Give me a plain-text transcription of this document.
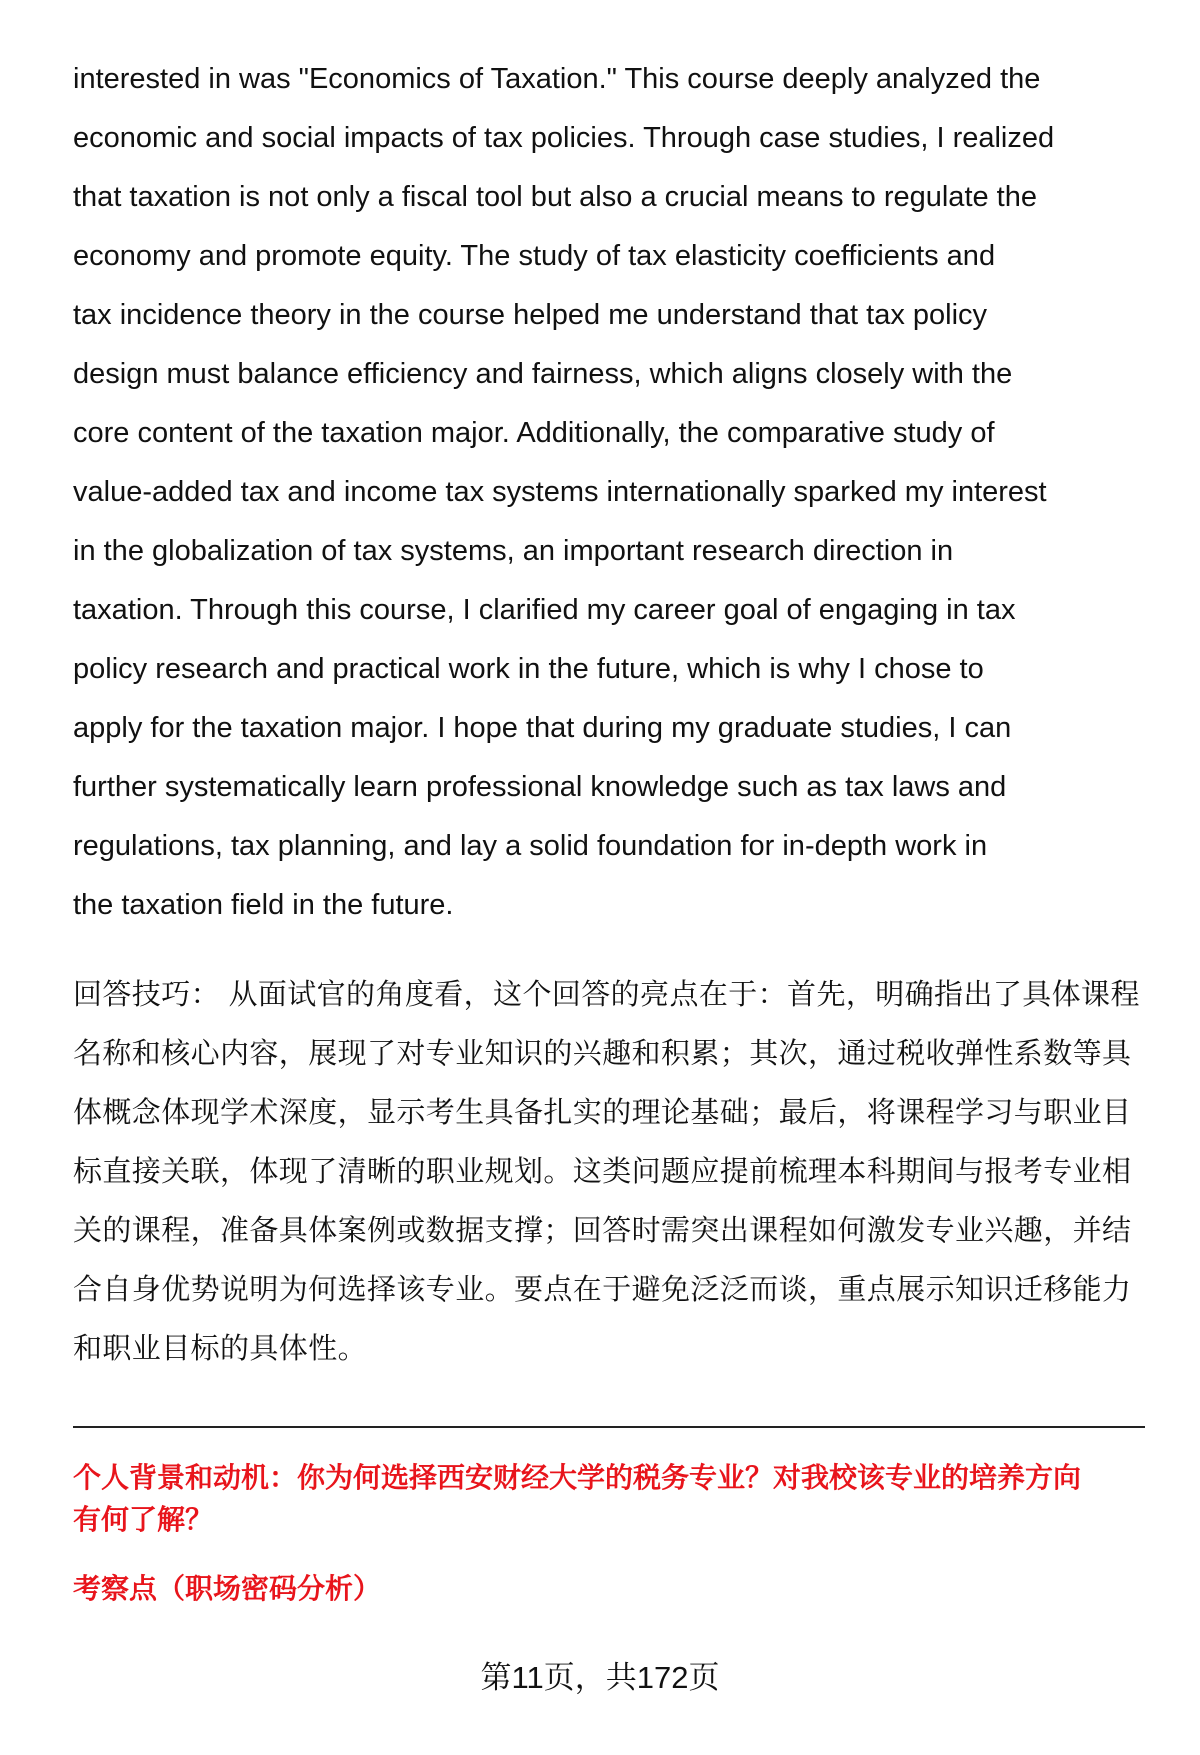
interested in was "Economics of Taxation." This course deeply analyzed the
economic and social impacts of tax policies. Through case studies, I realized
that taxation is not only a fiscal tool but also a crucial means to regulate the
economy and promote equity. The study of tax elasticity coefficients and
tax incidence theory in the course helped me understand that tax policy
design must balance efficiency and fairness, which aligns closely with the
core content of the taxation major. Additionally, the comparative study of
value-added tax and income tax systems internationally sparked my interest
in the globalization of tax systems, an important research direction in
taxation. Through this course, I clarified my career goal of engaging in tax
policy research and practical work in the future, which is why I chose to
apply for the taxation major. I hope that during my graduate studies, I can
further systematically learn professional knowledge such as tax laws and
regulations, tax planning, and lay a solid foundation for in-depth work in
the taxation field in the future.
回答技巧： 从面试官的角度看，这个回答的亮点在于：首先，明确指出了具体课程
名称和核心内容，展现了对专业知识的兴趣和积累；其次，通过税收弹性系数等具
体概念体现学术深度，显示考生具备扎实的理论基础；最后，将课程学习与职业目
标直接关联，体现了清晰的职业规划。这类问题应提前梳理本科期间与报考专业相
关的课程，准备具体案例或数据支撑；回答时需突出课程如何激发专业兴趣，并结
合自身优势说明为何选择该专业。要点在于避免泛泛而谈，重点展示知识迁移能力
和职业目标的具体性。
个人背景和动机：你为何选择西安财经大学的税务专业？对我校该专业的培养方向
有何了解？
考察点（职场密码分析）
第11页，共172页
